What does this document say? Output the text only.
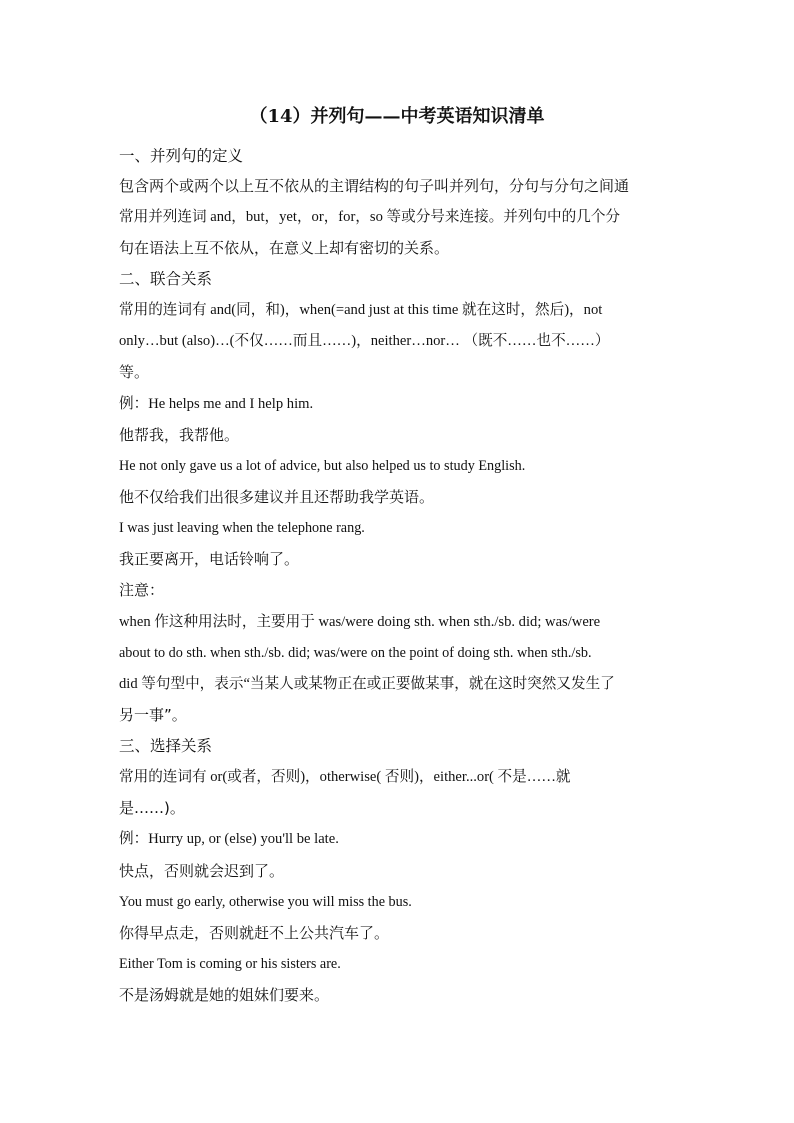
（14）并列句——中考英语知识清单
一、并列句的定义
包含两个或两个以上互不依从的主谓结构的句子叫并列句，分句与分句之间通
常用并列连词 and，but，yet，or，for，so 等或分号来连接。并列句中的几个分
句在语法上互不依从，在意义上却有密切的关系。
二、联合关系
常用的连词有 and(同，和)，when(=and just at this time 就在这时，然后)，not
only…but (also)…(不仅……而且……)，neither…nor… （既不……也不……）
等。
例：He helps me and I help him.
他帮我，我帮他。
He not only gave us a lot of advice, but also helped us to study English.
他不仅给我们出很多建议并且还帮助我学英语。
I was just leaving when the telephone rang.
我正要离开，电话铃响了。
注意：
when 作这种用法时，主要用于 was/were doing sth. when sth./sb. did; was/were
about to do sth. when sth./sb. did; was/were on the point of doing sth. when sth./sb.
did 等句型中，表示“当某人或某物正在或正要做某事，就在这时突然又发生了
另一事”。
三、选择关系
常用的连词有 or(或者，否则)，otherwise( 否则)，either...or( 不是……就
是……)。
例：Hurry up, or (else) you'll be late.
快点，否则就会迟到了。
You must go early, otherwise you will miss the bus.
你得早点走，否则就赶不上公共汽车了。
Either Tom is coming or his sisters are.
不是汤姆就是她的姐妹们要来。
